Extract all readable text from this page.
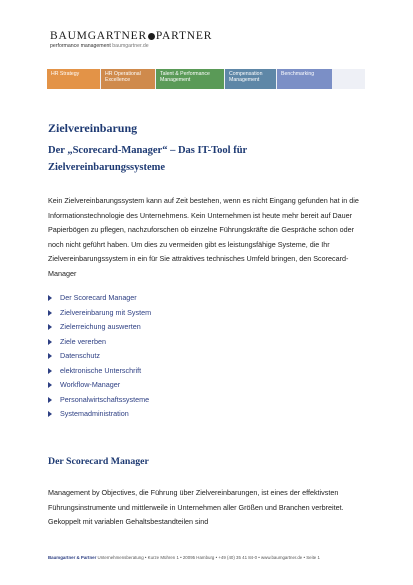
BAUMGARTNER PARTNER
performance management baumgartner.de
HR Strategy	HR Operational Excellence
Talent & Performance Management
Compensation Management
Benchmarking
Zielvereinbarung
Der „Scorecard-Manager“ – Das IT-Tool für Zielvereinbarungssysteme

Kein Zielvereinbarungssystem kann auf Zeit bestehen, wenn es nicht Eingang gefunden hat in die Informationstechnologie des Unternehmens. Kein Unternehmen ist heute mehr bereit auf Dauer Papierbögen zu pflegen, nachzuforschen ob einzelne Führungskräfte die Gespräche schon oder noch nicht geführt haben. Um dies zu vermeiden gibt es leistungsfähige Systeme, die Ihr Zielvereinbarungssystem in ein für Sie attraktives technisches Umfeld bringen, den Scorecard-Manager

Der Scorecard Manager
Zielvereinbarung mit System
Zielerreichung auswerten
Ziele vererben
Datenschutz
elektronische Unterschrift
Workflow-Manager
Personalwirtschaftssysteme
Systemadministration
Der Scorecard Manager

Management by Objectives, die Führung über Zielvereinbarungen, ist eines der effektivsten Führungsinstrumente und mittlerweile in Unternehmen aller Größen und Branchen verbreitet. Gekoppelt mit variablen Gehaltsbestandteilen sind

Baumgartner & Partner Unternehmensberatung • Kurze Mühren 1 • 20095 Hamburg • +49 (40) 35 41 84-0 • www.baumgartner.de • Seite 1
